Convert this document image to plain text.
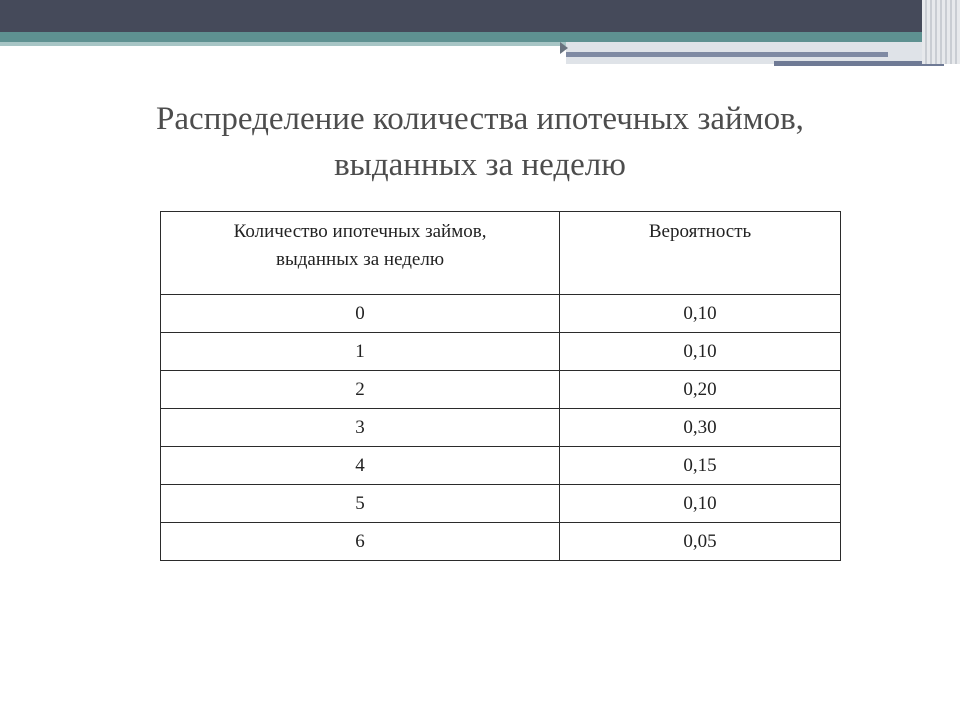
Распределение количества ипотечных займов,
выданных за неделю
Количество ипотечных займов,
выданных за неделю	Вероятность
0	0,10
1	0,10
2	0,20
3	0,30
4	0,15
5	0,10
6	0,05
